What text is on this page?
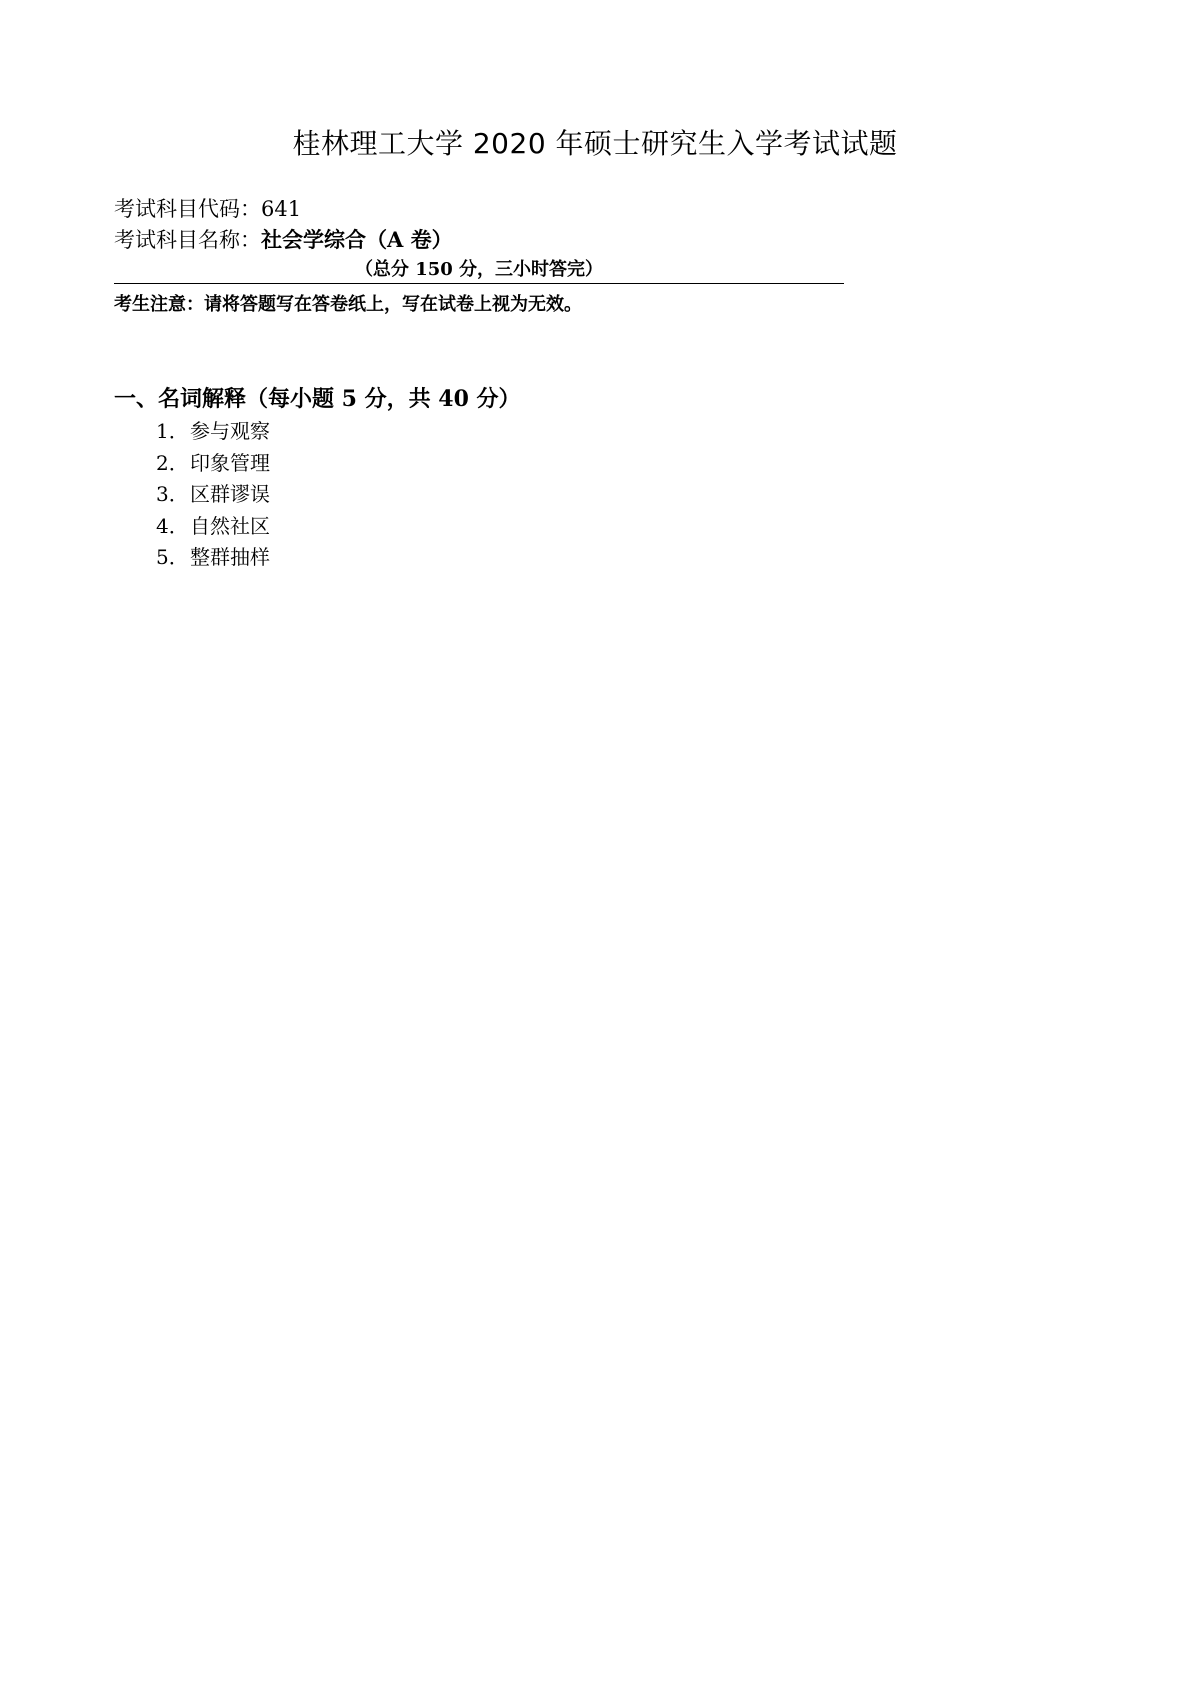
桂林理工大学 2020 年硕士研究生入学考试试题
考试科目代码：641
考试科目名称：社会学综合（A 卷）
（总分 150 分，三小时答完）
考生注意：请将答题写在答卷纸上，写在试卷上视为无效。
一、名词解释（每小题 5 分，共 40 分）
1．参与观察
2．印象管理
3．区群谬误
4．自然社区
5．整群抽样
